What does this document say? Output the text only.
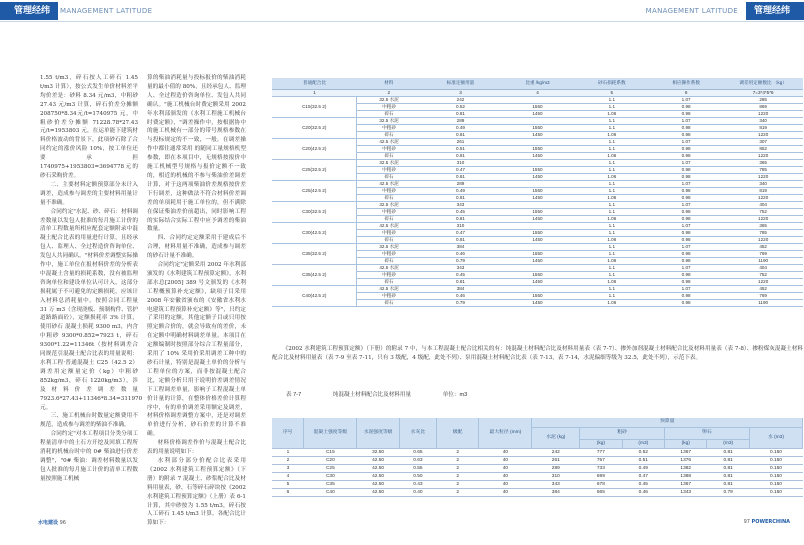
管理经纬	MANAGEMENT LATITUDE	MANAGEMENT LATITUDE	管理经纬

1.55 t/m3，碎石按人工碎石 1.45 t/m3 计算），按公式发生单价材料差平均价差是：砂料 8.34 元/m3，中粗砂 27.43 元/m3 计算，碎石价差分摊额 208750*8.34元/t=1740975 元，中粗砂价差分摊额 71228.78*27.43 元/t=1953803 元，在运单能下建筑材料价格波动的背景下，此项砂石除了合同约定的涨价风险 10%，按工单位还要承担 1740975+1953803=3694778元的砂石采购价差。

二、主要材料定额预算部分未计入调差，造成参与调差的主要材料用量计量不准确。

合同约定"水泥、砂、碎石：材料调差数量以发包人批准的每月施工计价的清单工程数量所相应配套定额附录中混凝土配合比表的用量进行计算，且经承包人、监理人、全过程造价咨询单位、发包人共同确认。"材料价差调整实际操作中，施工单位在报材料价差的分析表中混凝土含量的损耗系数，没有被监理咨询单位和建设单位认可计入，这部分损耗属于不可避免的定额损耗，应该计入材料总消耗量中。按照合同工程量 31 万 m3（含现浇板、预制构件、管护道路路面砼），定额损耗率 3% 计算，使用砂石 混凝土损耗 9300 m3，内含中粗砂 9300*0.852=7923 t，碎石 9300*1.22=11346t（按材料调差合同规范引混凝土配合比表的用量说明：水利工程·普通混凝土 C25（42.5 2）调差用定额量定价（kg）中粗砂 852kg/m3，碎石 1220kg/m3），涉及材料价差调差数量 7923.6*27.43+11346*8.34=311970 元。

三、施工机械台时数量定额费用不规范，造成参与调差的柴油不准确。

合同约定"对本工程项目分类分项工程量清单中的土石方开挖及回填工程所消耗的机械台时中的 0# 柴油进行价差调整"，"0# 柴油：调差材料数量以发包人批准的每月施工计价的清单工程数量按照施工机械

算的柴油消耗量与投标报价的柴油消耗量的最小值的 80%，且经承包人、监理人、全过程造价咨询单位、发包人共同确认。"施工机械台时费定额采用 2002 年水利部颁发的《水利工程施工机械台时费定额》，"调差操作中，按根据协中的施工机械有一部分的带号规格参数在与投标规定的不一致，一般，在调差操作中都往通常采用 的随同工量规格机型参数，即在本项目中，无规格按报价中施工机械型号规格与报价定额不一致的，相近的机械的不参与柴油价差调差计算，对于这两项柴油价差规格按价差下行调差，这种做法不符合材料价差调差的单项耗用于施工单位的，但不满除在保证柴油差价前超出，同时影响工程的实际结合实际工程中应予调差的柴油数量。

四、合同约定定额采用于建成后不合理，材料用量不准确，造成参与调差的砂石计量不准确。

合同约定"定额采用 2002 年水利部颁发的《水利建筑工程预算定额》，水利部水总[2005] 389 号文颁发的《水利工程概预算补充定额》，缺项子目采用 2008 年安徽省颁布的《安徽省水利水电建筑工程预算补充定额》等"，只约定了采用的定额，其他定额子目或只用按照定额合价的，就会导致有的差价，未在定额中明确材料调差单量。本项目在定额编制时按照部分综合工程量部分，采用了 10% 采用价采用调差工种中的砂石计量，特别是混凝土单价的分析与工程单位的方案，而非按混凝土配合比，定额分析只用于说明价差调差情况下工程调差单量，影响子工程混凝土单价计量的计算，在整体价格差价计算程序中，有的单价调差采用额定及调差，材料价格调差调整方案中，还是对调差单价进行分析，砂石价差的计算不准确。

材料价格调差作价与混凝土配合比表的用量说明如下：

水利部分部分价配合比表采用《2002 水利建筑工程预算定额》（下册）的附录 7 混凝土、砂浆配合比及材料用量表，砂、石等碎石碎块按《2002 水利建筑工程预算定额》（上册）表 6-1 计算，其中砂按为 1.55 t/m3，碎石按人工碎石 1.45 t/m3 计算。各配合比计算如下：

普通配合比	材料	标准定额用量	比重 /kg/m3	砂石损耗系数	相应操作系数	调差用定额数比 （kg）
1	2	3	4	5	6	7=3*4*5*6
C15(32.5 2)	32.5 水泥	242		1.1	1.07	285
	中粗砂	0.52	1550	1.1	0.98	869
	碎石	0.81	1450	1.06	0.98	1220
C20(32.5 2)	32.5 水泥	289		1.1	1.07	340
	中粗砂	0.49	1550	1.1	0.98	819
	碎石	0.81	1450	1.06	0.98	1220
C20(42.5 2)	42.5 水泥	261		1.1	1.07	307
	中粗砂	0.51	1550	1.1	0.98	852
	碎石	0.81	1450	1.06	0.98	1220
C25(32.5 2)	32.5 水泥	310		1.1	1.07	365
	中粗砂	0.47	1550	1.1	0.98	785
	碎石	0.81	1450	1.06	0.98	1220
C25(42.5 2)	42.5 水泥	289		1.1	1.07	340
	中粗砂	0.49	1550	1.1	0.98	819
	碎石	0.81	1450	1.06	0.98	1220
C30(32.5 2)	32.5 水泥	343		1.1	1.07	404
	中粗砂	0.45	1550	1.1	0.98	752
	碎石	0.81	1450	1.06	0.98	1220
C30(42.5 2)	42.5 水泥	310		1.1	1.07	365
	中粗砂	0.47	1550	1.1	0.98	785
	碎石	0.81	1450	1.06	0.98	1220
C35(32.5 2)	32.5 水泥	384		1.1	1.07	452
	中粗砂	0.46	1550	1.1	0.98	769
	碎石	0.79	1450	1.06	0.98	1190
C35(42.5 2)	42.5 水泥	343		1.1	1.07	404
	中粗砂	0.45	1550	1.1	0.98	752
	碎石	0.81	1450	1.06	0.98	1220
C40(42.5 2)	42.5 水泥	384		1.1	1.07	452
	中粗砂	0.46	1550	1.1	0.98	769
	碎石	0.79	1450	1.06	0.98	1190

《2002 水利建筑工程预算定额》（下册）的附录 7 中，与本工程混凝土配合比相关的有：纯混凝土材料配合比及材料用量表（表 7-7）、掺外加剂混凝土材料配合比及材料用量表（表 7-8）、掺粉煤灰混凝土材料配合比及材料用量表（表 7-9 至表 7-11，只有 3 级配，4 级配，此处不列）、泵用混凝土材料配合比表（表 7-13，表 7-14，水泥偏细等级为 32.5，此处不列），示范下表。

表 7-7	纯混凝土材料配合比及材料用量	单位：m3
序号	混凝土强度等级	水泥强度等级	水灰比	级配	最大粒径 (mm)	预算量					
						水泥 (kg)	粗砂		卵石		水 (m3)
							(kg)	(m3)	(kg)	(m3)	
1	C15	32.50	0.65	2	40	242	777	0.52	1367	0.81	0.150
2	C20	42.50	0.63	2	40	261	757	0.51	1376	0.81	0.150
3	C25	42.50	0.55	2	40	289	733	0.49	1382	0.81	0.150
4	C30	42.50	0.50	2	40	310	699	0.47	1388	0.81	0.150
5	C35	42.50	0.43	2	40	343	678	0.45	1367	0.81	0.150
6	C40	42.50	0.40	2	40	384	665	0.46	1343	0.79	0.150
水电建设 96	97 POWERCHINA
